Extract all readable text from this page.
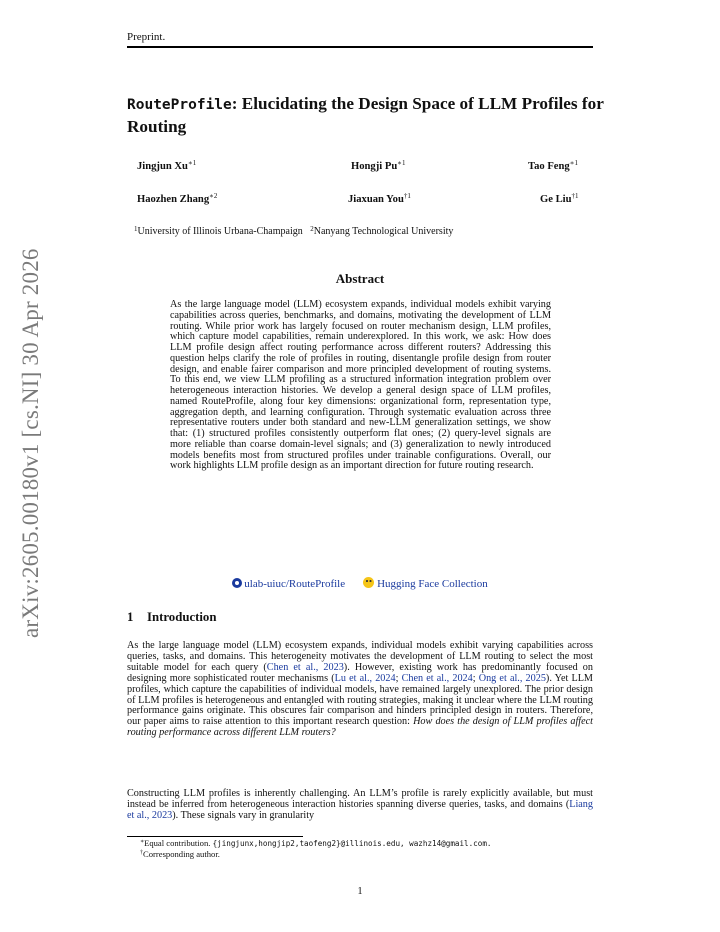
Preprint.
arXiv:2605.00180v1 [cs.NI] 30 Apr 2026
RouteProfile: Elucidating the Design Space of LLM Profiles for Routing
Jingjun $Xu^{∗1}$	Hongji $Pu^{∗1}$	Tao Feng$^{∗1}$
Haozhen Zhang$^{∗2}$	Jiaxuan You$^{\dagger 1}$	Ge Liu$^{\dagger 1}$
$^1$University of Illinois Urbana-Champaign $^2$Nanyang Technological University
Abstract
As the large language model (LLM) ecosystem expands, individual models exhibit varying capabilities across queries, benchmarks, and domains, motivating the development of LLM routing. While prior work has largely focused on router mechanism design, LLM profiles, which capture model capabilities, remain underexplored. In this work, we ask: How does LLM profile design affect routing performance across different routers? Addressing this question helps clarify the role of profiles in routing, disentangle profile design from router design, and enable fairer comparison and more principled development of routing systems. To this end, we view LLM profiling as a structured information integration problem over heterogeneous interaction histories. We develop a general design space of LLM profiles, named RouteProfile, along four key dimensions: organizational form, representation type, aggregation depth, and learning configuration. Through systematic evaluation across three representative routers under both standard and new-LLM generalization settings, we show that: (1) structured profiles consistently outperform flat ones; (2) query-level signals are more reliable than coarse domain-level signals; and (3) generalization to newly introduced models benefits most from structured profiles under trainable configurations. Overall, our work highlights LLM profile design as an important direction for future routing research.
ulab-uiuc/RouteProfile	Hugging Face Collection
1 Introduction

As the large language model (LLM) ecosystem expands, individual models exhibit varying capabilities across queries, tasks, and domains. This heterogeneity motivates the development of LLM routing to select the most suitable model for each query (Chen et al., 2023). However, existing work has predominantly focused on designing more sophisticated router mechanisms (Lu et al., 2024; Chen et al., 2024; Ong et al., 2025). Yet LLM profiles, which capture the capabilities of individual models, have remained largely unexplored. The prior design of LLM profiles is heterogeneous and entangled with routing strategies, making it unclear where the LLM routing performance gains originate. This obscures fair comparison and hinders principled design in routers. Therefore, our paper aims to raise attention to this important research question: How does the design of LLM profiles affect routing performance across different LLM routers?

Constructing LLM profiles is inherently challenging. An LLM’s profile is rarely explicitly available, but must instead be inferred from heterogeneous interaction histories spanning diverse queries, tasks, and domains (Liang et al., 2023). These signals vary in granularity

∗Equal contribution. {jingjunx,hongjip2,taofeng2}@illinois.edu, wazhz14@gmail.com.
†Corresponding author.
1
